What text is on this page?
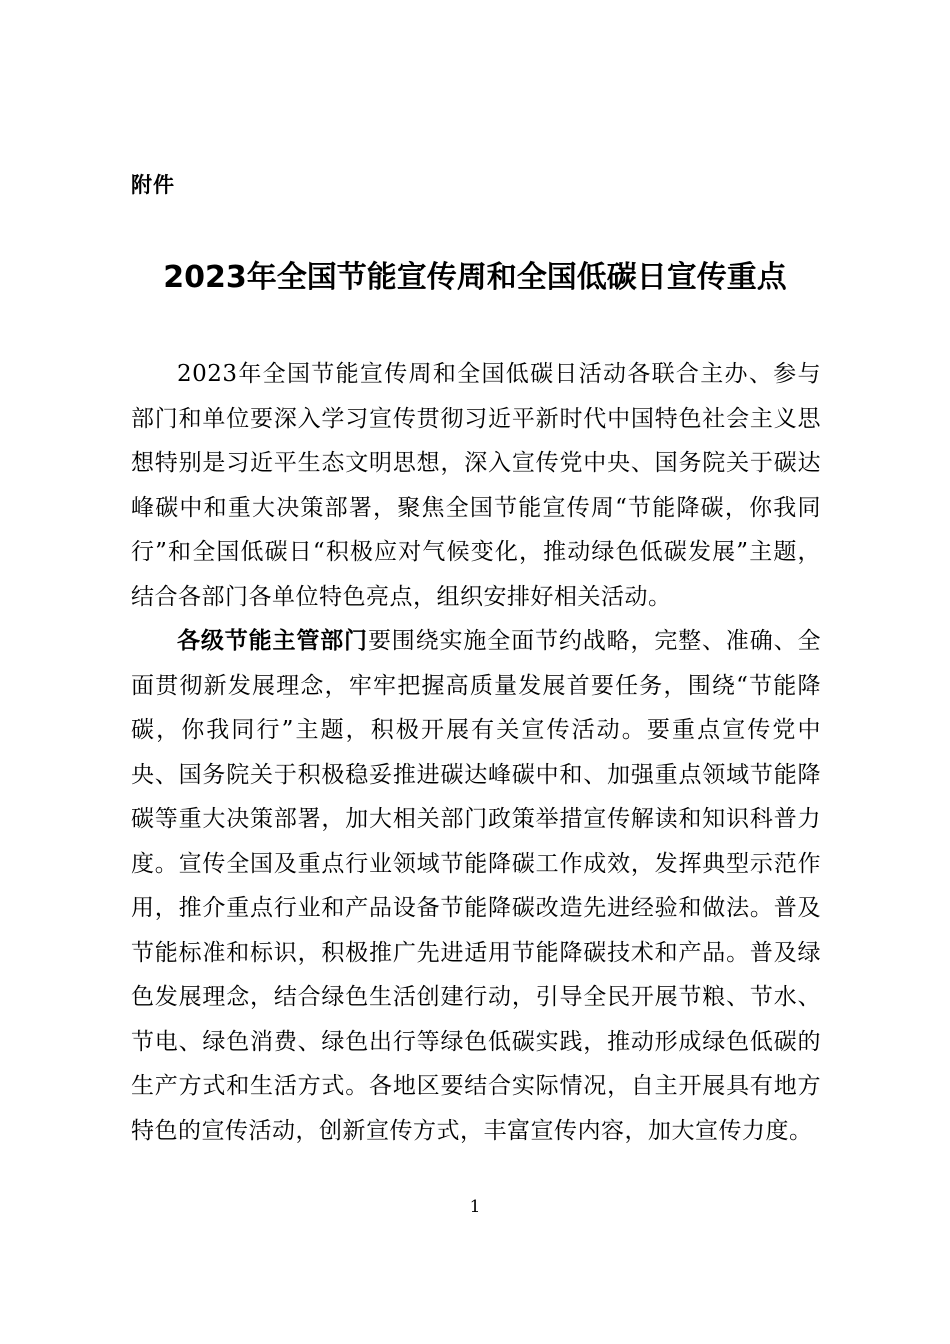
附件
2023年全国节能宣传周和全国低碳日宣传重点

2023年全国节能宣传周和全国低碳日活动各联合主办、参与部门和单位要深入学习宣传贯彻习近平新时代中国特色社会主义思想特别是习近平生态文明思想，深入宣传党中央、国务院关于碳达峰碳中和重大决策部署，聚焦全国节能宣传周“节能降碳，你我同行”和全国低碳日“积极应对气候变化，推动绿色低碳发展”主题，结合各部门各单位特色亮点，组织安排好相关活动。

各级节能主管部门要围绕实施全面节约战略，完整、准确、全面贯彻新发展理念，牢牢把握高质量发展首要任务，围绕“节能降碳，你我同行”主题，积极开展有关宣传活动。要重点宣传党中央、国务院关于积极稳妥推进碳达峰碳中和、加强重点领域节能降碳等重大决策部署，加大相关部门政策举措宣传解读和知识科普力度。宣传全国及重点行业领域节能降碳工作成效，发挥典型示范作用，推介重点行业和产品设备节能降碳改造先进经验和做法。普及节能标准和标识，积极推广先进适用节能降碳技术和产品。普及绿色发展理念，结合绿色生活创建行动，引导全民开展节粮、节水、节电、绿色消费、绿色出行等绿色低碳实践，推动形成绿色低碳的生产方式和生活方式。各地区要结合实际情况，自主开展具有地方特色的宣传活动，创新宣传方式，丰富宣传内容，加大宣传力度。

1
